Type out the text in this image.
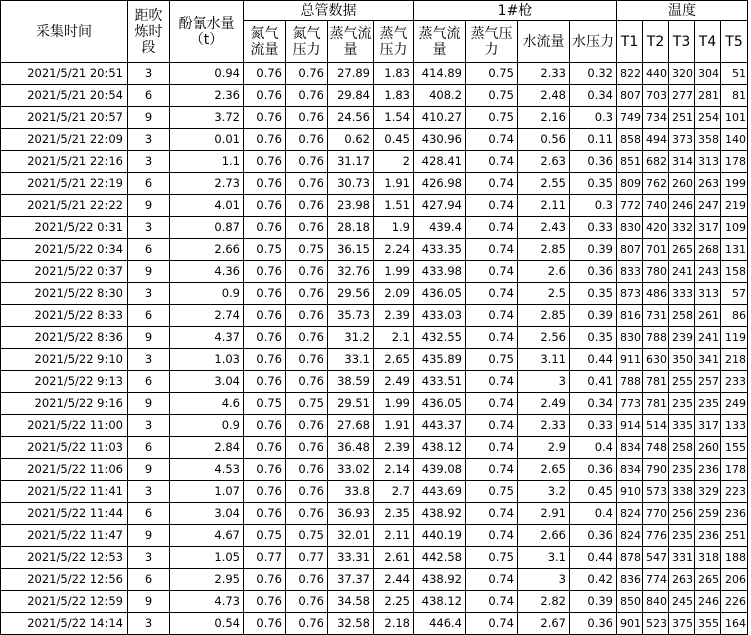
采集时间	距吹炼时段	酚氰水量（t）	总管数据				1#枪				温度				
			氮气流量	氮气压力	蒸气流量	蒸气压力	蒸气流量	蒸气压力	水流量	水压力	T1	T2	T3	T4	T5
2021/5/21 20:51	3	0.94	0.76	0.76	27.89	1.83	414.89	0.75	2.33	0.32	822	440	320	304	51
2021/5/21 20:54	6	2.36	0.76	0.76	29.84	1.83	408.2	0.75	2.48	0.34	807	703	277	281	81
2021/5/21 20:57	9	3.72	0.76	0.76	24.56	1.54	410.27	0.75	2.16	0.3	749	734	251	254	101
2021/5/21 22:09	3	0.01	0.76	0.76	0.62	0.45	430.96	0.74	0.56	0.11	858	494	373	358	140
2021/5/21 22:16	3	1.1	0.76	0.76	31.17	2	428.41	0.74	2.63	0.36	851	682	314	313	178
2021/5/21 22:19	6	2.73	0.76	0.76	30.73	1.91	426.98	0.74	2.55	0.35	809	762	260	263	199
2021/5/21 22:22	9	4.01	0.76	0.76	23.98	1.51	427.94	0.74	2.11	0.3	772	740	246	247	219
2021/5/22 0:31	3	0.87	0.76	0.76	28.18	1.9	439.4	0.74	2.43	0.33	830	420	332	317	109
2021/5/22 0:34	6	2.66	0.75	0.75	36.15	2.24	433.35	0.74	2.85	0.39	807	701	265	268	131
2021/5/22 0:37	9	4.36	0.76	0.76	32.76	1.99	433.98	0.74	2.6	0.36	833	780	241	243	158
2021/5/22 8:30	3	0.9	0.76	0.76	29.56	2.09	436.05	0.74	2.5	0.35	873	486	333	313	57
2021/5/22 8:33	6	2.74	0.76	0.76	35.73	2.39	433.03	0.74	2.85	0.39	816	731	258	261	86
2021/5/22 8:36	9	4.37	0.76	0.76	31.2	2.1	432.55	0.74	2.56	0.35	830	788	239	241	119
2021/5/22 9:10	3	1.03	0.76	0.76	33.1	2.65	435.89	0.75	3.11	0.44	911	630	350	341	218
2021/5/22 9:13	6	3.04	0.76	0.76	38.59	2.49	433.51	0.74	3	0.41	788	781	255	257	233
2021/5/22 9:16	9	4.6	0.75	0.75	29.51	1.99	436.05	0.74	2.49	0.34	773	781	235	235	249
2021/5/22 11:00	3	0.9	0.76	0.76	27.68	1.91	443.37	0.74	2.33	0.33	914	514	335	317	133
2021/5/22 11:03	6	2.84	0.76	0.76	36.48	2.39	438.12	0.74	2.9	0.4	834	748	258	260	155
2021/5/22 11:06	9	4.53	0.76	0.76	33.02	2.14	439.08	0.74	2.65	0.36	834	790	235	236	178
2021/5/22 11:41	3	1.07	0.76	0.76	33.8	2.7	443.69	0.75	3.2	0.45	910	573	338	329	223
2021/5/22 11:44	6	3.04	0.76	0.76	36.93	2.35	438.92	0.74	2.91	0.4	824	770	256	259	236
2021/5/22 11:47	9	4.67	0.75	0.75	32.01	2.11	440.19	0.74	2.66	0.36	824	776	235	236	251
2021/5/22 12:53	3	1.05	0.77	0.77	33.31	2.61	442.58	0.75	3.1	0.44	878	547	331	318	188
2021/5/22 12:56	6	2.95	0.76	0.76	37.37	2.44	438.92	0.74	3	0.42	836	774	263	265	206
2021/5/22 12:59	9	4.73	0.76	0.76	34.58	2.25	438.12	0.74	2.82	0.39	850	840	245	246	226
2021/5/22 14:14	3	0.54	0.76	0.76	32.58	2.18	446.4	0.74	2.67	0.36	901	523	375	355	164
